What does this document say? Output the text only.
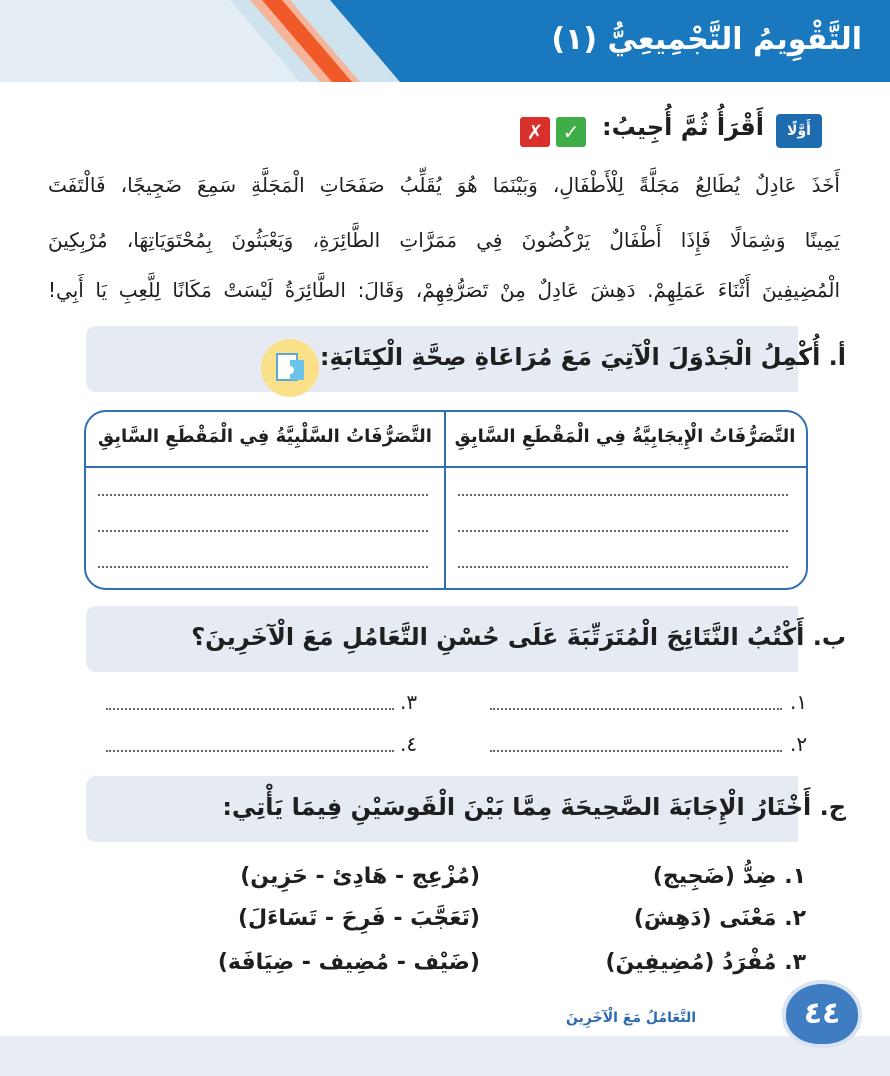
التَّقْوِيمُ التَّجْمِيعِيُّ (١)
أَوَّلًا
أَقْرَأُ ثُمَّ أُجِيبُ:
✓
✗
أَخَذَ عَادِلٌ يُطَالِعُ مَجَلَّةً لِلْأَطْفَالِ، وَبَيْنَمَا هُوَ يُقَلِّبُ صَفَحَاتِ الْمَجَلَّةِ سَمِعَ ضَجِيجًا، فَالْتَفَتَ
يَمِينًا وَشِمَالًا فَإِذَا أَطْفَالٌ يَرْكُضُونَ فِي مَمَرَّاتِ الطَّائِرَةِ، وَيَعْبَثُونَ بِمُحْتَوَيَاتِهَا، مُرْبِكِينَ
الْمُضِيفِينَ أَثْنَاءَ عَمَلِهِمْ. دَهِشَ عَادِلٌ مِنْ تَصَرُّفِهِمْ، وَقَالَ: الطَّائِرَةُ لَيْسَتْ مَكَانًا لِلَّعِبِ يَا أَبِي!
أ. أُكْمِلُ الْجَدْوَلَ الْآتِيَ مَعَ مُرَاعَاةِ صِحَّةِ الْكِتَابَةِ:
التَّصَرُّفَاتُ الْإِيجَابِيَّةُ فِي الْمَقْطَعِ السَّابِقِ
التَّصَرُّفَاتُ السَّلْبِيَّةُ فِي الْمَقْطَعِ السَّابِقِ
ب. أَكْتُبُ النَّتَائِجَ الْمُتَرَتِّبَةَ عَلَى حُسْنِ التَّعَامُلِ مَعَ الْآخَرِينَ؟
١.
٣.
٢.
٤.
ج. أَخْتَارُ الْإِجَابَةَ الصَّحِيحَةَ مِمَّا بَيْنَ الْقَوسَيْنِ فِيمَا يَأْتِي:
١. ضِدُّ (ضَجِيج)
(مُزْعِج - هَادِئ - حَزِين)
٢. مَعْنَى (دَهِشَ)
(تَعَجَّبَ - فَرِحَ - تَسَاءَلَ)
٣. مُفْرَدُ (مُضِيفِينَ)
(ضَيْف - مُضِيف - ضِيَافَة)
٤٤
التَّعَامُلُ مَعَ الْآخَرِينَ
